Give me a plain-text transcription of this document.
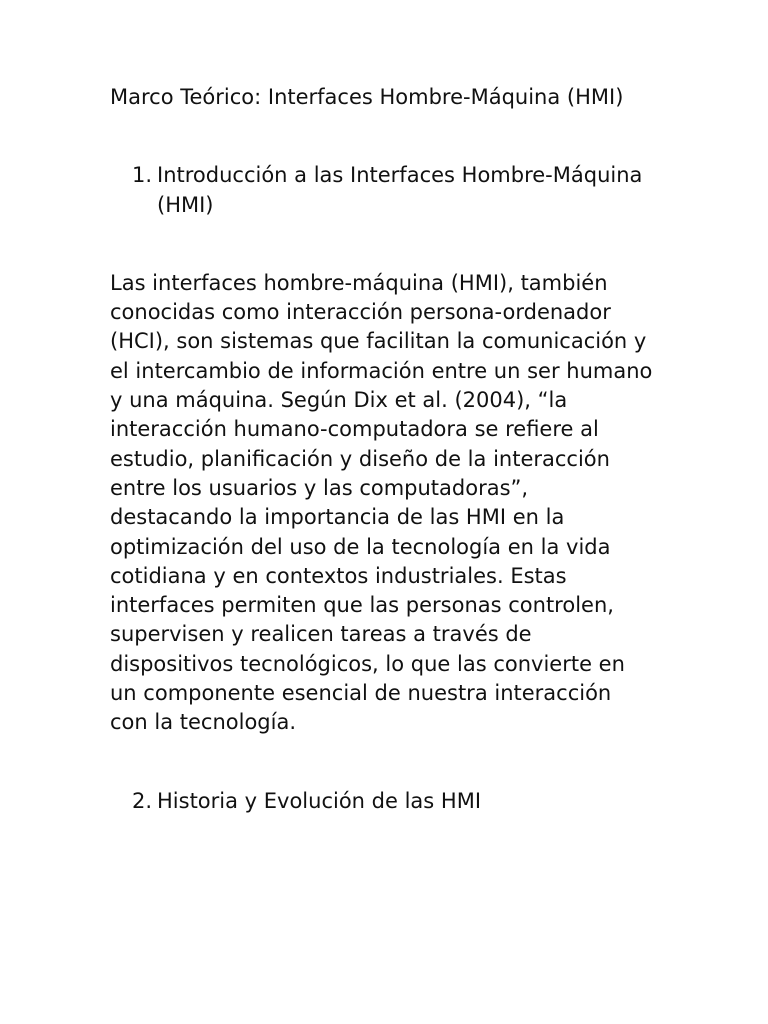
Marco Teórico: Interfaces Hombre-Máquina (HMI)
1. Introducción a las Interfaces Hombre-Máquina (HMI)

Las interfaces hombre-máquina (HMI), también conocidas como interacción persona-ordenador (HCI), son sistemas que facilitan la comunicación y el intercambio de información entre un ser humano y una máquina. Según Dix et al. (2004), “la interacción humano-computadora se refiere al estudio, planificación y diseño de la interacción entre los usuarios y las computadoras”, destacando la importancia de las HMI en la optimización del uso de la tecnología en la vida cotidiana y en contextos industriales. Estas interfaces permiten que las personas controlen, supervisen y realicen tareas a través de dispositivos tecnológicos, lo que las convierte en un componente esencial de nuestra interacción con la tecnología.

2. Historia y Evolución de las HMI
